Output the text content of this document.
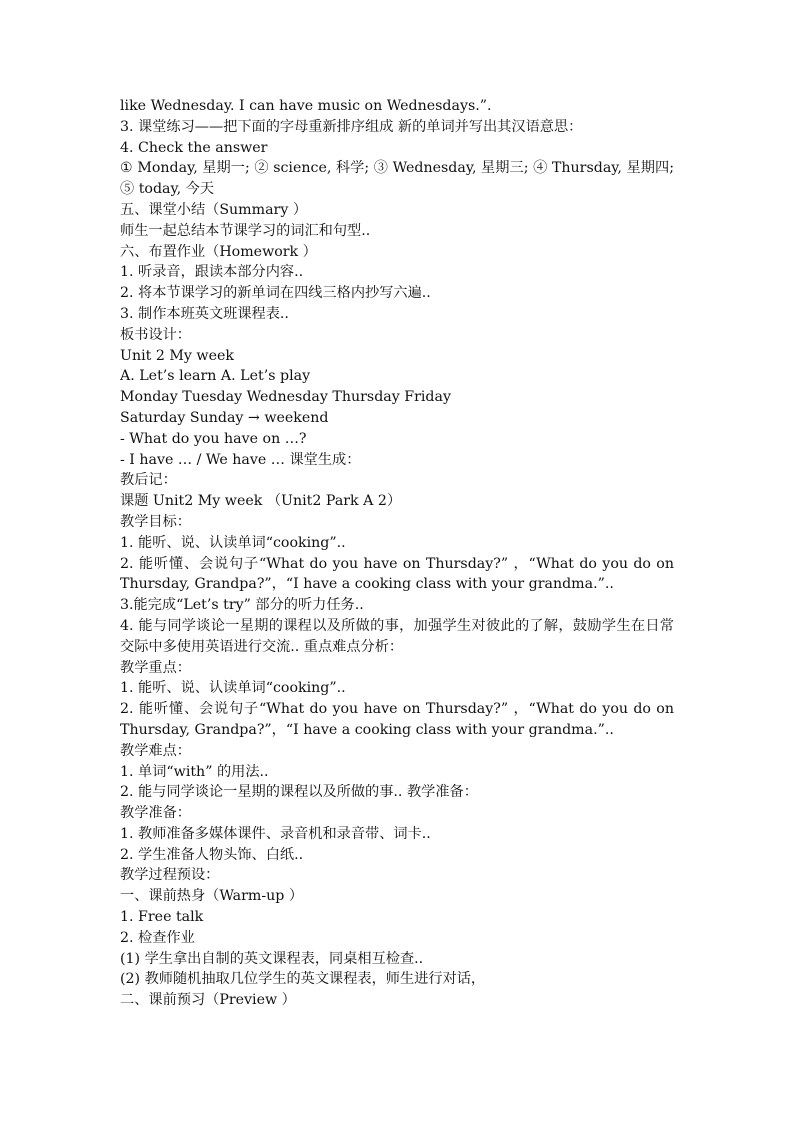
like Wednesday. I can have music on Wednesdays.”.
3. 课堂练习——把下面的字母重新排序组成 新的单词并写出其汉语意思：
4. Check the answer
① Monday, 星期一; ② science, 科学; ③ Wednesday, 星期三; ④ Thursday, 星期四; ⑤ today, 今天
五、课堂小结（Summary ）
师生一起总结本节课学习的词汇和句型..
六、布置作业（Homework ）
1. 听录音，跟读本部分内容..
2. 将本节课学习的新单词在四线三格内抄写六遍..
3. 制作本班英文班课程表..
板书设计：
Unit 2 My week
A. Let’s learn A. Let’s play
Monday Tuesday Wednesday Thursday Friday
Saturday Sunday → weekend
- What do you have on …?
- I have … / We have … 课堂生成：
教后记：
课题 Unit2 My week （Unit2 Park A 2）
教学目标：
1. 能听、说、认读单词“cooking”..
2. 能听懂、会说句子“What do you have on Thursday?” ，“What do you do on Thursday, Grandpa?”，“I have a cooking class with your grandma.”..
3.能完成“Let’s try” 部分的听力任务..
4. 能与同学谈论一星期的课程以及所做的事，加强学生对彼此的了解，鼓励学生在日常交际中多使用英语进行交流.. 重点难点分析：
教学重点：
1. 能听、说、认读单词“cooking”..
2. 能听懂、会说句子“What do you have on Thursday?” ，“What do you do on Thursday, Grandpa?”，“I have a cooking class with your grandma.”..
教学难点：
1. 单词“with” 的用法..
2. 能与同学谈论一星期的课程以及所做的事.. 教学准备：
教学准备：
1. 教师准备多媒体课件、录音机和录音带、词卡..
2. 学生准备人物头饰、白纸..
教学过程预设：
一、课前热身（Warm-up ）
1. Free talk
2. 检查作业
(1) 学生拿出自制的英文课程表，同桌相互检查..
(2) 教师随机抽取几位学生的英文课程表，师生进行对话，
二、课前预习（Preview ）
